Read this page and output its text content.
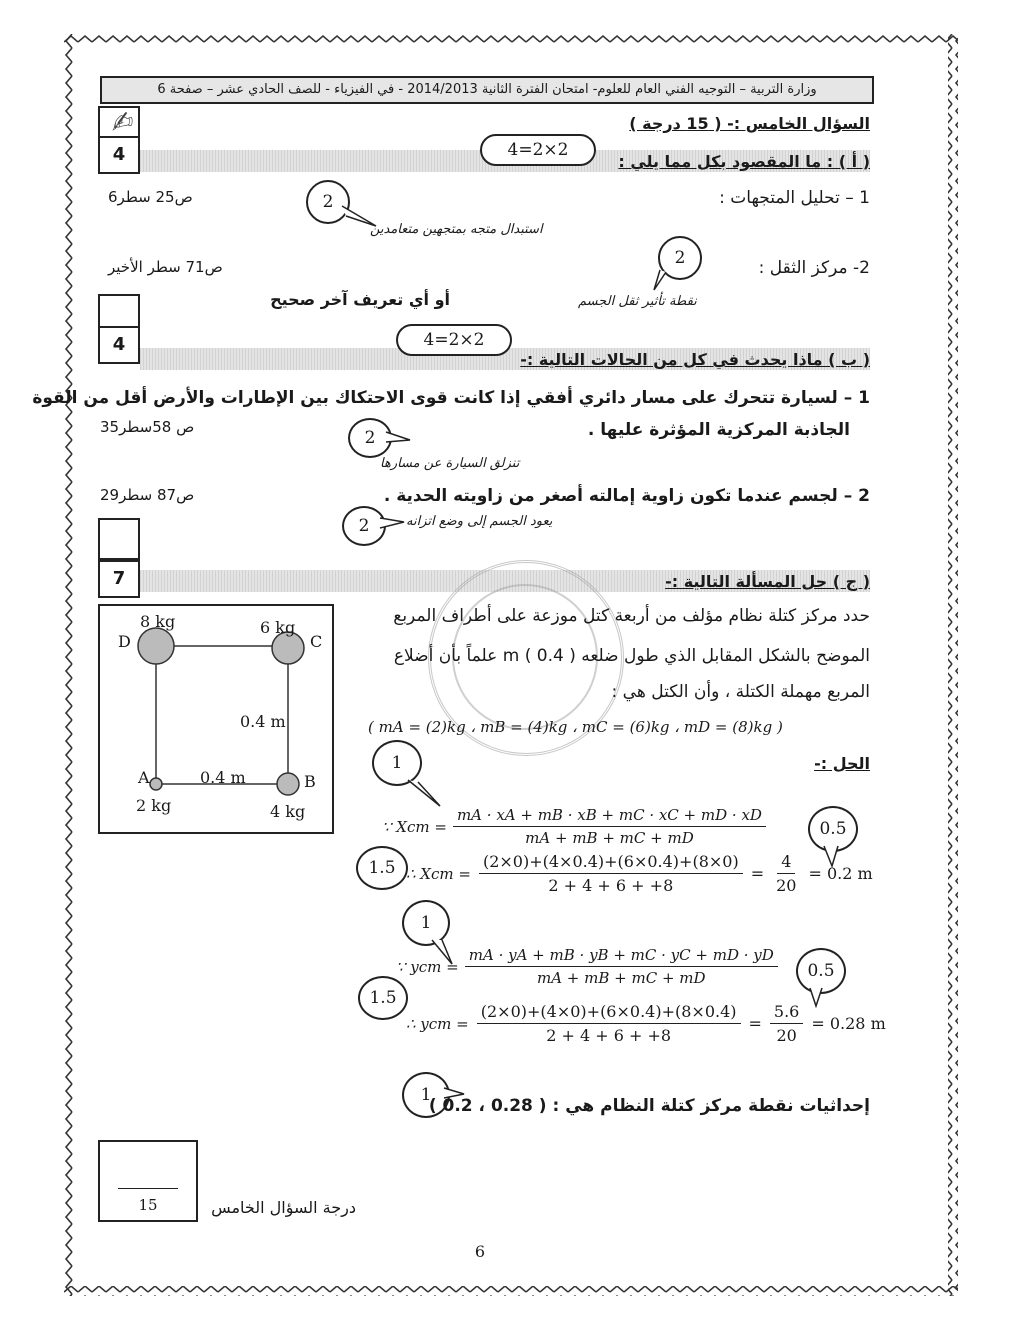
وزارة التربية – التوجيه الفني العام للعلوم- امتحان الفترة الثانية 2014/2013 - في الفيزياء - للصف الحادي عشر – صفحة 6
4
✍︎	السؤال الخامس :- ( 15 درجة )
4=2×2
( أ ) : ما المقصود بكل مما يلي :
1 – تحليل المتجهات :
ص25 سطر6	2
استبدال متجه بمتجهين متعامدين
2- مركز الثقل :
ص71 سطر الأخير	2
نقطة تأثير ثقل الجسم
أو أي تعريف آخر صحيح
4	4=2×2
( ب ) ماذا يحدث في كل من الحالات التالية :-
1 – لسيارة تتحرك على مسار دائري أفقي إذا كانت قوى الاحتكاك بين الإطارات والأرض أقل من القوة
الجاذبة المركزية المؤثرة عليها .
ص 58سطر35
2
تنزلق السيارة عن مسارها
2 – لجسم عندما تكون زاوية إمالته أصغر من زاويته الحدية .
ص87 سطر29
2	يعود الجسم إلى وضع اتزانه
7	( ج ) حل المسألة التالية :-
حدد مركز كتلة نظام مؤلف من أربعة كتل موزعة على أطراف المربع
الموضح بالشكل المقابل الذي طول ضلعه ( 0.4 ) m علماً بأن أضلاع
المربع مهملة الكتلة ، وأن الكتل هي :
( mA = (2)kg ، mB = (4)kg ، mC = (6)kg ، mD = (8)kg )
الحل :-
D
8 kg
C
6 kg
0.4 m
A	0.4 m	B
2 kg	4 kg
1
∵ Xcm = $\frac{mA \cdot xA + mB \cdot xB + mC \cdot xC + mD \cdot xD}{mA + mB + mC + mD}$	0.5
1.5 ∴ Xcm = $\frac{(2\times 0)+(4\times 0.4)+(6\times 0.4)+(8\times 0)}{2 + 4 + 6 + +8} = \frac{4}{20} = 0.2$ m
1
∵ ycm = $\frac{mA \cdot yA + mB \cdot yB + mC \cdot yC + mD \cdot yD}{mA + mB + mC + mD}$	0.5
1.5
∴ ycm = $\frac{(2\times 0)+(4\times 0)+(6\times 0.4)+(8\times 0.4)}{2 + 4 + 6 + +8} = \frac{5.6}{20} = 0.28$ m
1
إحداثيات نقطة مركز كتلة النظام هي : ( 0.28 ، 0.2 )
15	درجة السؤال الخامس
6
